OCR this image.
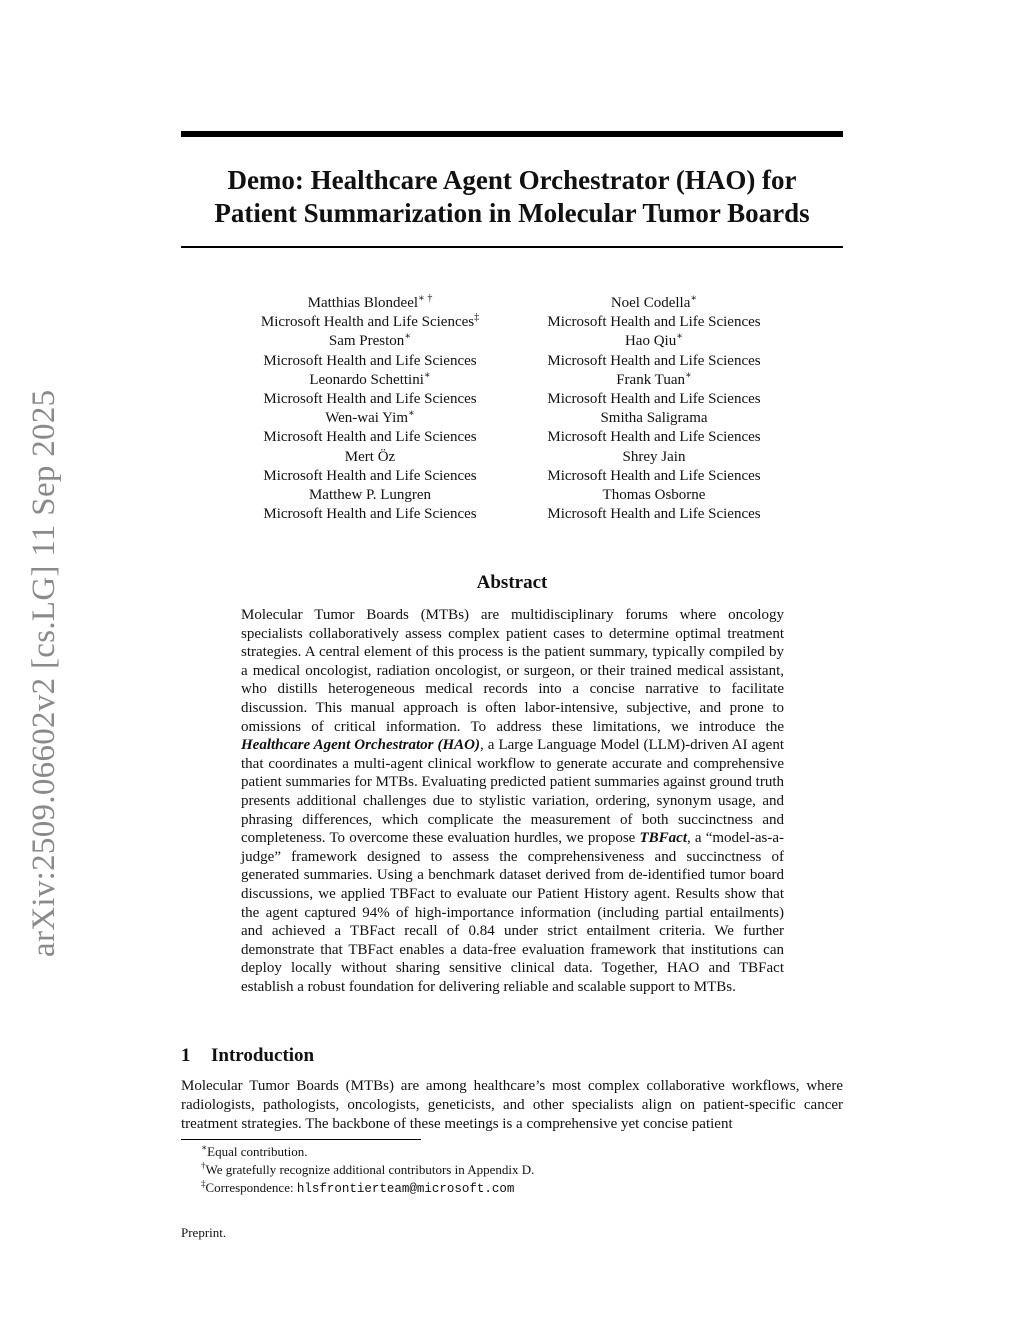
arXiv:2509.06602v2 [cs.LG] 11 Sep 2025
Demo: Healthcare Agent Orchestrator (HAO) for
Patient Summarization in Molecular Tumor Boards
Matthias Blondeel∗ †
Microsoft Health and Life Sciences‡
Sam Preston∗
Microsoft Health and Life Sciences
Leonardo Schettini∗
Microsoft Health and Life Sciences
Wen-wai Yim∗
Microsoft Health and Life Sciences
Mert Öz
Microsoft Health and Life Sciences
Matthew P. Lungren
Microsoft Health and Life Sciences
Noel Codella∗
Microsoft Health and Life Sciences
Hao Qiu∗
Microsoft Health and Life Sciences
Frank Tuan∗
Microsoft Health and Life Sciences
Smitha Saligrama
Microsoft Health and Life Sciences
Shrey Jain
Microsoft Health and Life Sciences
Thomas Osborne
Microsoft Health and Life Sciences
Abstract

Molecular Tumor Boards (MTBs) are multidisciplinary forums where oncology specialists collaboratively assess complex patient cases to determine optimal treatment strategies. A central element of this process is the patient summary, typically compiled by a medical oncologist, radiation oncologist, or surgeon, or their trained medical assistant, who distills heterogeneous medical records into a concise narrative to facilitate discussion. This manual approach is often labor-intensive, subjective, and prone to omissions of critical information. To address these limitations, we introduce the Healthcare Agent Orchestrator (HAO), a Large Language Model (LLM)-driven AI agent that coordinates a multi-agent clinical workflow to generate accurate and comprehensive patient summaries for MTBs. Evaluating predicted patient summaries against ground truth presents additional challenges due to stylistic variation, ordering, synonym usage, and phrasing differences, which complicate the measurement of both succinctness and completeness. To overcome these evaluation hurdles, we propose TBFact, a “model-as-a-judge” framework designed to assess the comprehensiveness and succinctness of generated summaries. Using a benchmark dataset derived from de-identified tumor board discussions, we applied TBFact to evaluate our Patient History agent. Results show that the agent captured 94% of high-importance information (including partial entailments) and achieved a TBFact recall of 0.84 under strict entailment criteria. We further demonstrate that TBFact enables a data-free evaluation framework that institutions can deploy locally without sharing sensitive clinical data. Together, HAO and TBFact establish a robust foundation for delivering reliable and scalable support to MTBs.

1 Introduction

Molecular Tumor Boards (MTBs) are among healthcare’s most complex collaborative workflows, where radiologists, pathologists, oncologists, geneticists, and other specialists align on patient-specific cancer treatment strategies. The backbone of these meetings is a comprehensive yet concise patient

∗Equal contribution.
†We gratefully recognize additional contributors in Appendix D.
‡Correspondence: hlsfrontierteam@microsoft.com

Preprint.
